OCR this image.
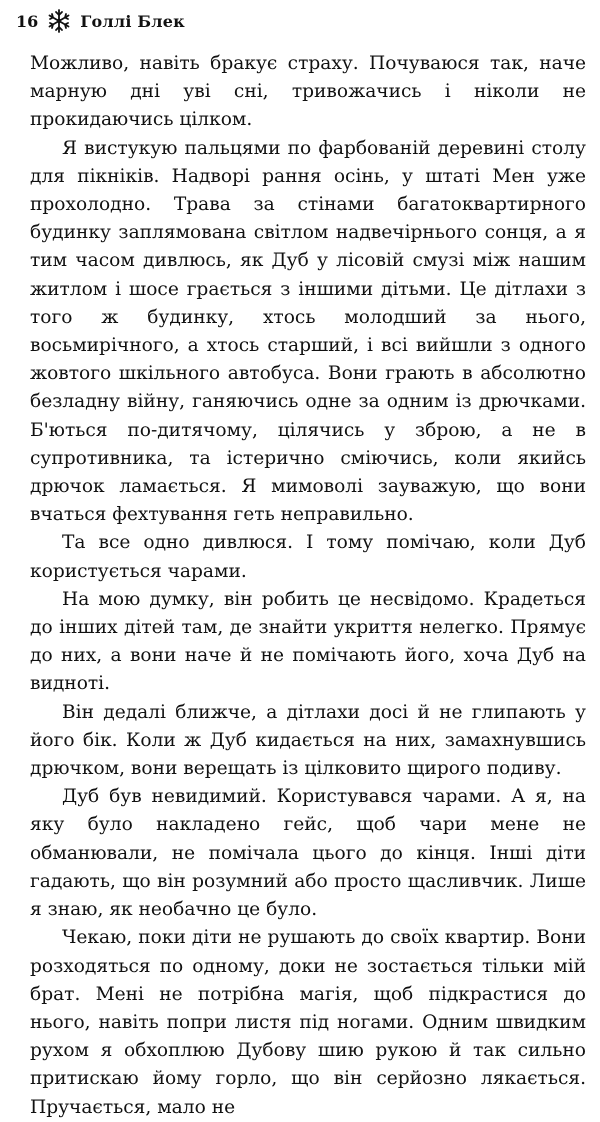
16	Голлі Блек

Можливо, навіть бракує страху. Почуваюся так, наче марную дні уві сні, тривожачись і ніколи не прокидаючись цілком.

Я вистукую пальцями по фарбованій деревині столу для пікніків. Надворі рання осінь, у штаті Мен уже прохолодно. Трава за стінами багатоквартирного будинку заплямована світлом надвечірнього сонця, а я тим часом дивлюсь, як Дуб у лісовій смузі між нашим житлом і шосе грається з іншими дітьми. Це дітлахи з того ж будинку, хтось молодший за нього, восьмирічного, а хтось старший, і всі вийшли з одного жовтого шкільного автобуса. Вони грають в абсолютно безладну війну, ганяючись одне за одним із дрючками. Б'ються по-дитячому, цілячись у зброю, а не в супротивника, та істерично сміючись, коли якийсь дрючок ламається. Я мимоволі зауважую, що вони вчаться фехтування геть неправильно.

Та все одно дивлюся. І тому помічаю, коли Дуб користується чарами.

На мою думку, він робить це несвідомо. Крадеться до інших дітей там, де знайти укриття нелегко. Прямує до них, а вони наче й не помічають його, хоча Дуб на видноті.

Він дедалі ближче, а дітлахи досі й не глипають у його бік. Коли ж Дуб кидається на них, замахнувшись дрючком, вони верещать із цілковито щирого подиву.

Дуб був невидимий. Користувався чарами. А я, на яку було накладено гейс, щоб чари мене не обманювали, не помічала цього до кінця. Інші діти гадають, що він розумний або просто щасливчик. Лише я знаю, як необачно це було.

Чекаю, поки діти не рушають до своїх квартир. Вони розходяться по одному, доки не зостається тільки мій брат. Мені не потрібна магія, щоб підкрастися до нього, навіть попри листя під ногами. Одним швидким рухом я обхоплюю Дубову шию рукою й так сильно притискаю йому горло, що він серйозно лякається. Пручається, мало не
